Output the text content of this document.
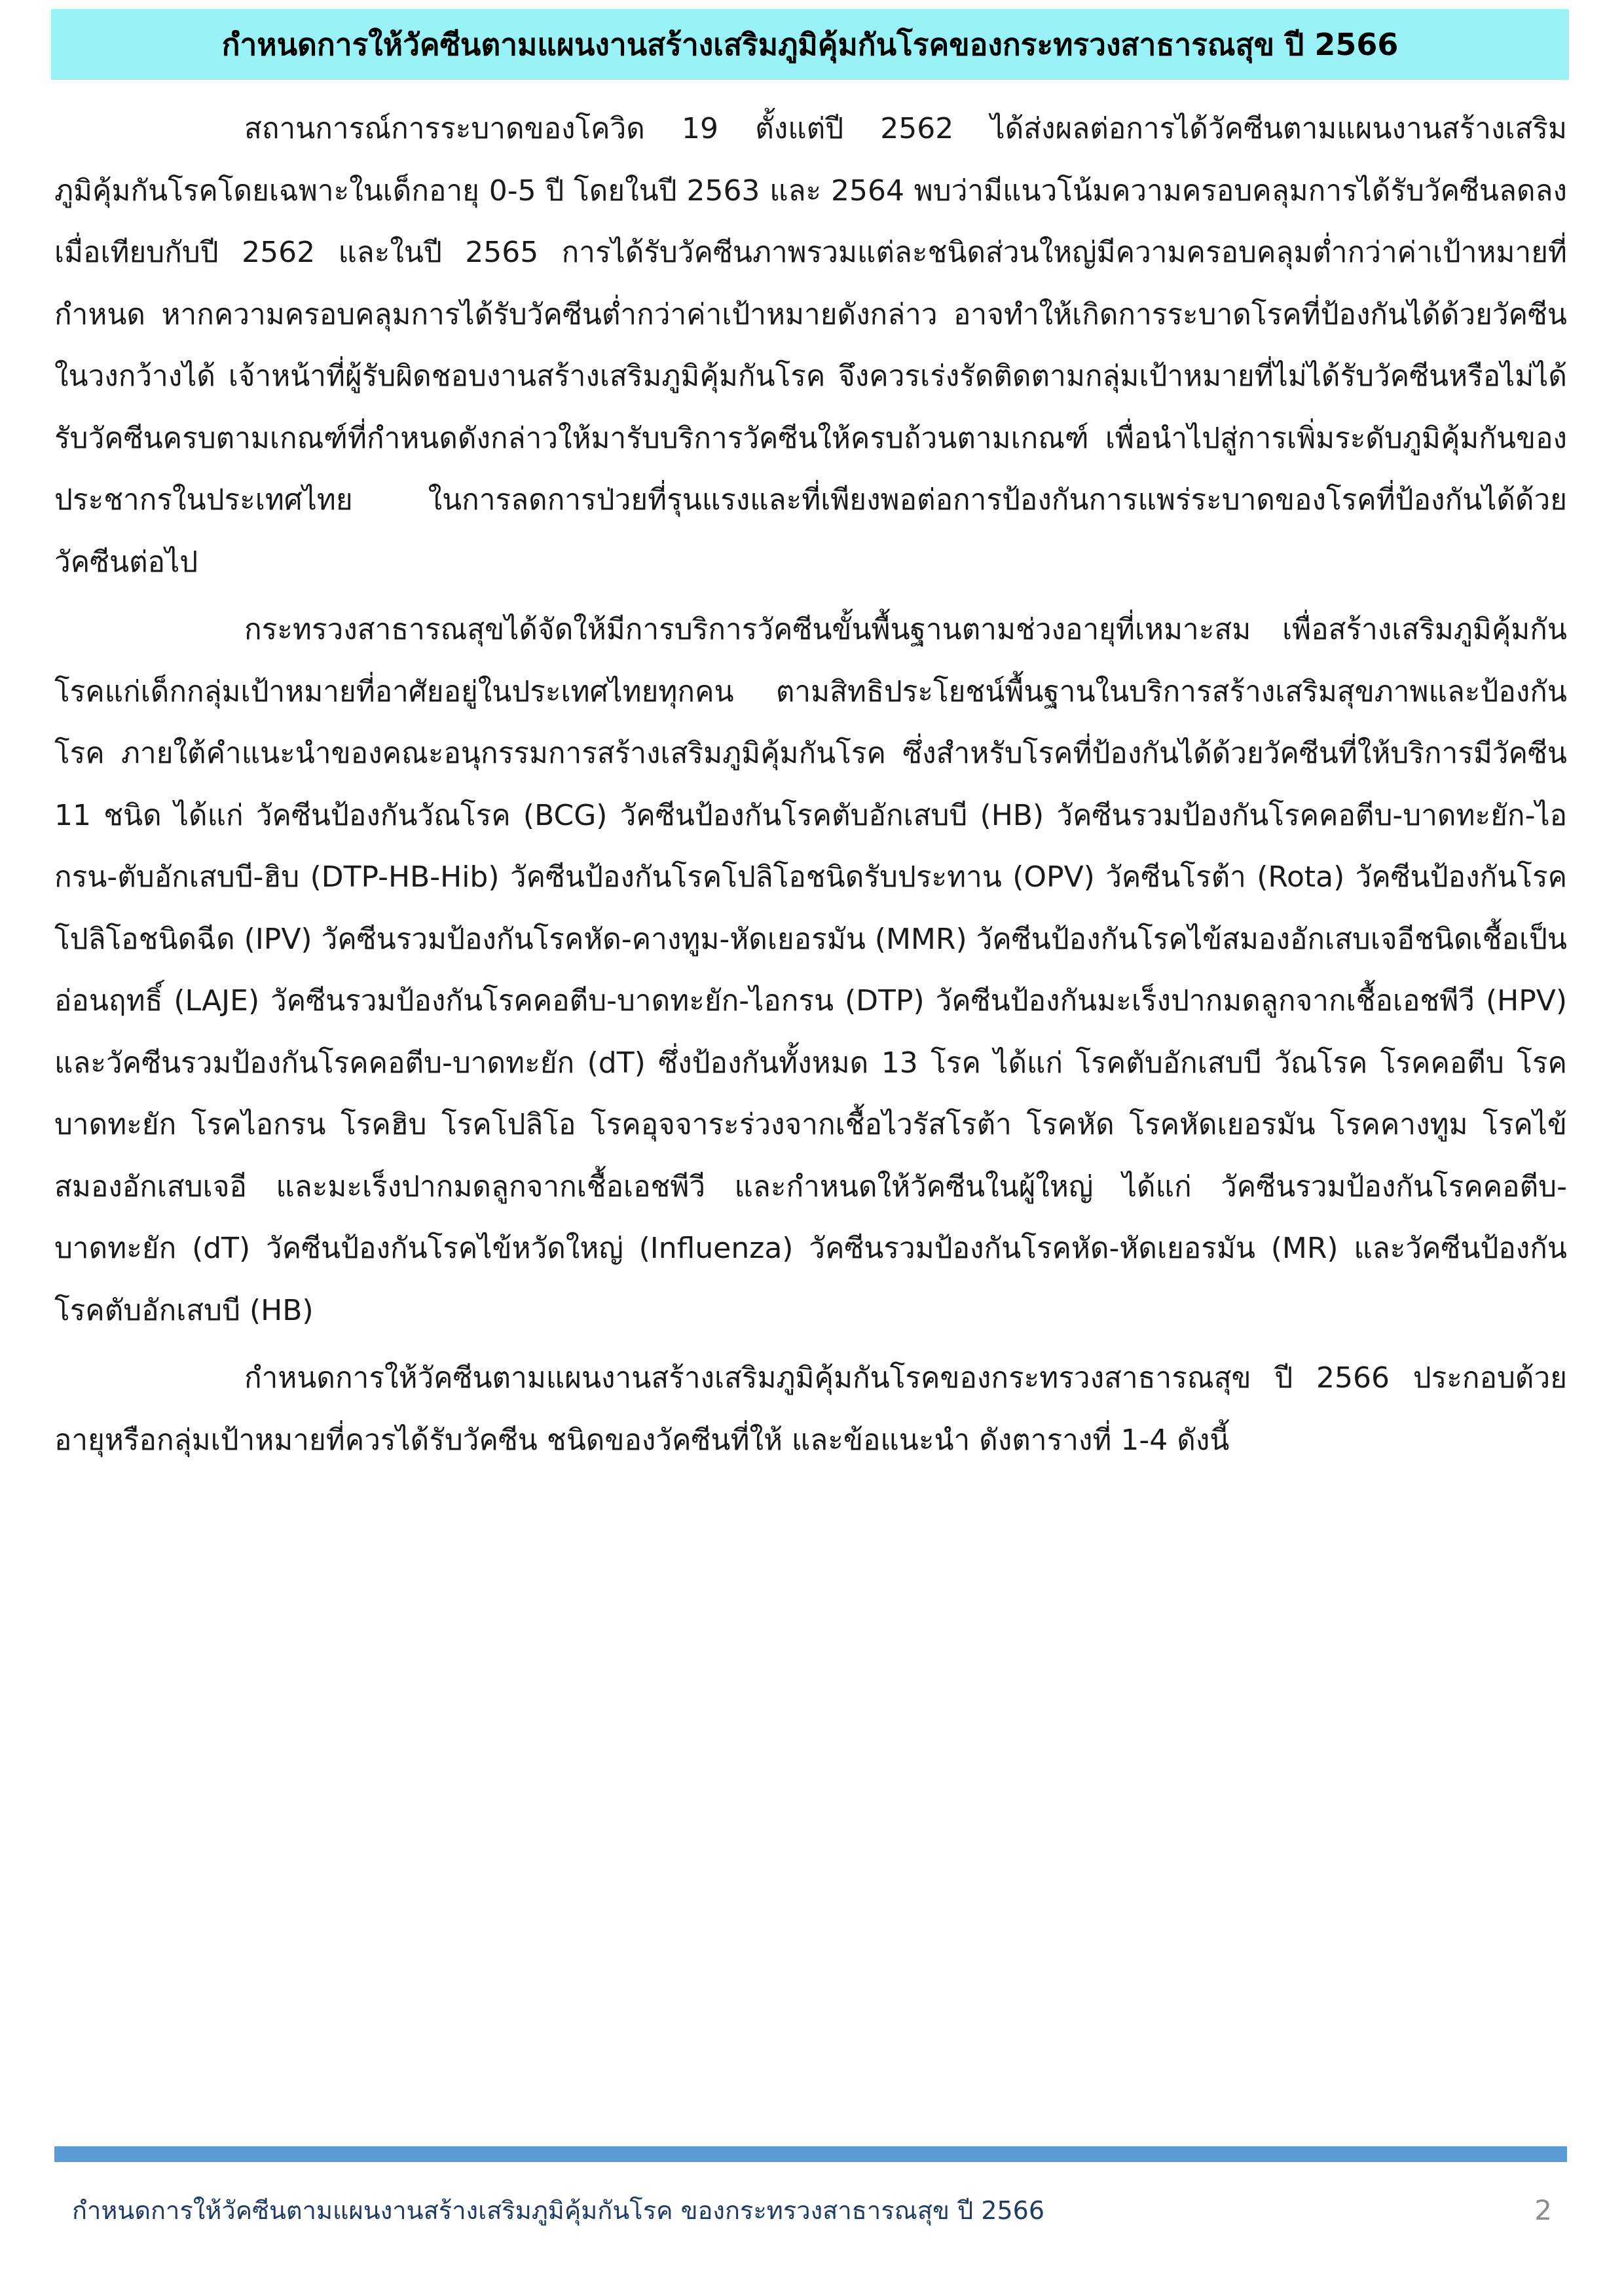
กำหนดการให้วัคซีนตามแผนงานสร้างเสริมภูมิคุ้มกันโรคของกระทรวงสาธารณสุข ปี 2566

สถานการณ์การระบาดของโควิด 19 ตั้งแต่ปี 2562 ได้ส่งผลต่อการได้วัคซีนตามแผนงานสร้างเสริมภูมิคุ้มกันโรคโดยเฉพาะในเด็กอายุ 0-5 ปี โดยในปี 2563 และ 2564 พบว่ามีแนวโน้มความครอบคลุมการได้รับวัคซีนลดลงเมื่อเทียบกับปี 2562 และในปี 2565 การได้รับวัคซีนภาพรวมแต่ละชนิดส่วนใหญ่มีความครอบคลุมต่ำกว่าค่าเป้าหมายที่กำหนด หากความครอบคลุมการได้รับวัคซีนต่ำกว่าค่าเป้าหมายดังกล่าว อาจทำให้เกิดการระบาดโรคที่ป้องกันได้ด้วยวัคซีนในวงกว้างได้ เจ้าหน้าที่ผู้รับผิดชอบงานสร้างเสริมภูมิคุ้มกันโรค จึงควรเร่งรัดติดตามกลุ่มเป้าหมายที่ไม่ได้รับวัคซีนหรือไม่ได้รับวัคซีนครบตามเกณฑ์ที่กำหนดดังกล่าวให้มารับบริการวัคซีนให้ครบถ้วนตามเกณฑ์ เพื่อนำไปสู่การเพิ่มระดับภูมิคุ้มกันของประชากรในประเทศไทย ในการลดการป่วยที่รุนแรงและที่เพียงพอต่อการป้องกันการแพร่ระบาดของโรคที่ป้องกันได้ด้วยวัคซีนต่อไป

กระทรวงสาธารณสุขได้จัดให้มีการบริการวัคซีนขั้นพื้นฐานตามช่วงอายุที่เหมาะสม เพื่อสร้างเสริมภูมิคุ้มกันโรคแก่เด็กกลุ่มเป้าหมายที่อาศัยอยู่ในประเทศไทยทุกคน ตามสิทธิประโยชน์พื้นฐานในบริการสร้างเสริมสุขภาพและป้องกันโรค ภายใต้คำแนะนำของคณะอนุกรรมการสร้างเสริมภูมิคุ้มกันโรค ซึ่งสำหรับโรคที่ป้องกันได้ด้วยวัคซีนที่ให้บริการมีวัคซีน 11 ชนิด ได้แก่ วัคซีนป้องกันวัณโรค (BCG) วัคซีนป้องกันโรคตับอักเสบบี (HB) วัคซีนรวมป้องกันโรคคอตีบ-บาดทะยัก-ไอกรน-ตับอักเสบบี-ฮิบ (DTP-HB-Hib) วัคซีนป้องกันโรคโปลิโอชนิดรับประทาน (OPV) วัคซีนโรต้า (Rota) วัคซีนป้องกันโรคโปลิโอชนิดฉีด (IPV) วัคซีนรวมป้องกันโรคหัด-คางทูม-หัดเยอรมัน (MMR) วัคซีนป้องกันโรคไข้สมองอักเสบเจอีชนิดเชื้อเป็นอ่อนฤทธิ์ (LAJE) วัคซีนรวมป้องกันโรคคอตีบ-บาดทะยัก-ไอกรน (DTP) วัคซีนป้องกันมะเร็งปากมดลูกจากเชื้อเอชพีวี (HPV) และวัคซีนรวมป้องกันโรคคอตีบ-บาดทะยัก (dT) ซึ่งป้องกันทั้งหมด 13 โรค ได้แก่ โรคตับอักเสบบี วัณโรค โรคคอตีบ โรคบาดทะยัก โรคไอกรน โรคฮิบ โรคโปลิโอ โรคอุจจาระร่วงจากเชื้อไวรัสโรต้า โรคหัด โรคหัดเยอรมัน โรคคางทูม โรคไข้สมองอักเสบเจอี และมะเร็งปากมดลูกจากเชื้อเอชพีวี และกำหนดให้วัคซีนในผู้ใหญ่ ได้แก่ วัคซีนรวมป้องกันโรคคอตีบ-บาดทะยัก (dT) วัคซีนป้องกันโรคไข้หวัดใหญ่ (Influenza) วัคซีนรวมป้องกันโรคหัด-หัดเยอรมัน (MR) และวัคซีนป้องกันโรคตับอักเสบบี (HB)

กำหนดการให้วัคซีนตามแผนงานสร้างเสริมภูมิคุ้มกันโรคของกระทรวงสาธารณสุข ปี 2566 ประกอบด้วยอายุหรือกลุ่มเป้าหมายที่ควรได้รับวัคซีน ชนิดของวัคซีนที่ให้ และข้อแนะนำ ดังตารางที่ 1-4 ดังนี้

กำหนดการให้วัคซีนตามแผนงานสร้างเสริมภูมิคุ้มกันโรค ของกระทรวงสาธารณสุข ปี 2566	2
